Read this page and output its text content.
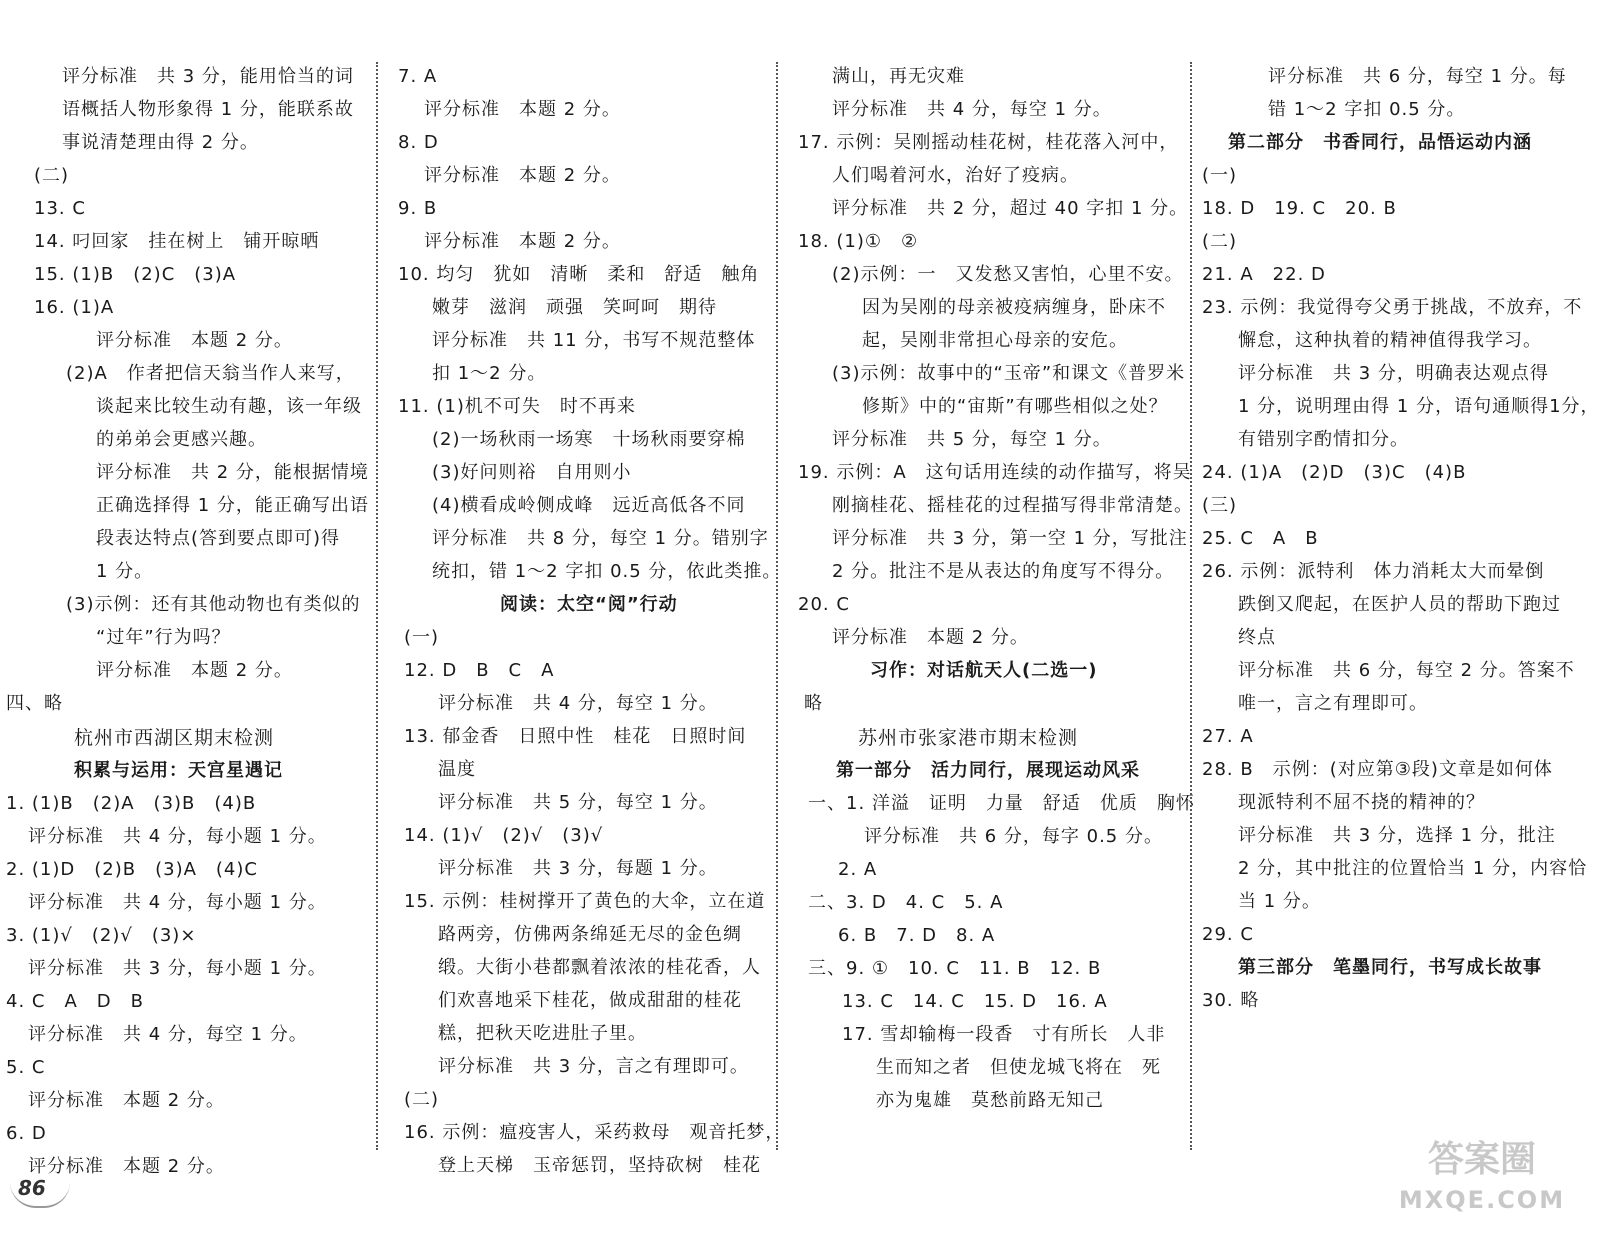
评分标准　共 3 分，能用恰当的词
语概括人物形象得 1 分，能联系故
事说清楚理由得 2 分。
(二)
13. C
14. 叼回家　挂在树上　铺开晾晒
15. (1)B　(2)C　(3)A
16. (1)A
评分标准　本题 2 分。
(2)A　作者把信天翁当作人来写，
谈起来比较生动有趣，该一年级
的弟弟会更感兴趣。
评分标准　共 2 分，能根据情境
正确选择得 1 分，能正确写出语
段表达特点(答到要点即可)得
1 分。
(3)示例：还有其他动物也有类似的
“过年”行为吗？
评分标准　本题 2 分。
四、略
杭州市西湖区期末检测
积累与运用：天宫星遇记
1. (1)B　(2)A　(3)B　(4)B
评分标准　共 4 分，每小题 1 分。
2. (1)D　(2)B　(3)A　(4)C
评分标准　共 4 分，每小题 1 分。
3. (1)√　(2)√　(3)×
评分标准　共 3 分，每小题 1 分。
4. C　A　D　B
评分标准　共 4 分，每空 1 分。
5. C
评分标准　本题 2 分。
6. D
评分标准　本题 2 分。
7. A
评分标准　本题 2 分。
8. D
评分标准　本题 2 分。
9. B
评分标准　本题 2 分。
10. 均匀　犹如　清晰　柔和　舒适　触角
嫩芽　滋润　顽强　笑呵呵　期待
评分标准　共 11 分，书写不规范整体
扣 1～2 分。
11. (1)机不可失　时不再来
(2)一场秋雨一场寒　十场秋雨要穿棉
(3)好问则裕　自用则小
(4)横看成岭侧成峰　远近高低各不同
评分标准　共 8 分，每空 1 分。错别字
统扣，错 1～2 字扣 0.5 分，依此类推。
阅读：太空“阅”行动
(一)
12. D　B　C　A
评分标准　共 4 分，每空 1 分。
13. 郁金香　日照中性　桂花　日照时间
温度
评分标准　共 5 分，每空 1 分。
14. (1)√　(2)√　(3)√
评分标准　共 3 分，每题 1 分。
15. 示例：桂树撑开了黄色的大伞，立在道
路两旁，仿佛两条绵延无尽的金色绸
缎。大街小巷都飘着浓浓的桂花香，人
们欢喜地采下桂花，做成甜甜的桂花
糕，把秋天吃进肚子里。
评分标准　共 3 分，言之有理即可。
(二)
16. 示例：瘟疫害人，采药救母　观音托梦，
登上天梯　玉帝惩罚，坚持砍树　桂花
满山，再无灾难
评分标准　共 4 分，每空 1 分。
17. 示例：吴刚摇动桂花树，桂花落入河中，
人们喝着河水，治好了疫病。
评分标准　共 2 分，超过 40 字扣 1 分。
18. (1)①　②
(2)示例：一　又发愁又害怕，心里不安。
因为吴刚的母亲被疫病缠身，卧床不
起，吴刚非常担心母亲的安危。
(3)示例：故事中的“玉帝”和课文《普罗米
修斯》中的“宙斯”有哪些相似之处？
评分标准　共 5 分，每空 1 分。
19. 示例：A　这句话用连续的动作描写，将吴
刚摘桂花、摇桂花的过程描写得非常清楚。
评分标准　共 3 分，第一空 1 分，写批注
2 分。批注不是从表达的角度写不得分。
20. C
评分标准　本题 2 分。
习作：对话航天人(二选一)
略
苏州市张家港市期末检测
第一部分　活力同行，展现运动风采
一、1. 洋溢　证明　力量　舒适　优质　胸怀
评分标准　共 6 分，每字 0.5 分。
2. A
二、3. D　4. C　5. A
6. B　7. D　8. A
三、9. ①　10. C　11. B　12. B
13. C　14. C　15. D　16. A
17. 雪却输梅一段香　寸有所长　人非
生而知之者　但使龙城飞将在　死
亦为鬼雄　莫愁前路无知己
评分标准　共 6 分，每空 1 分。每
错 1～2 字扣 0.5 分。
第二部分　书香同行，品悟运动内涵
(一)
18. D　19. C　20. B
(二)
21. A　22. D
23. 示例：我觉得夸父勇于挑战，不放弃，不
懈怠，这种执着的精神值得我学习。
评分标准　共 3 分，明确表达观点得
1 分，说明理由得 1 分，语句通顺得1分，
有错别字酌情扣分。
24. (1)A　(2)D　(3)C　(4)B
(三)
25. C　A　B
26. 示例：派特利　体力消耗太大而晕倒
跌倒又爬起，在医护人员的帮助下跑过
终点
评分标准　共 6 分，每空 2 分。答案不
唯一，言之有理即可。
27. A
28. B　示例：(对应第③段)文章是如何体
现派特利不屈不挠的精神的？
评分标准　共 3 分，选择 1 分，批注
2 分，其中批注的位置恰当 1 分，内容恰
当 1 分。
29. C
第三部分　笔墨同行，书写成长故事
30. 略
86
答案圈
MXQE.COM
